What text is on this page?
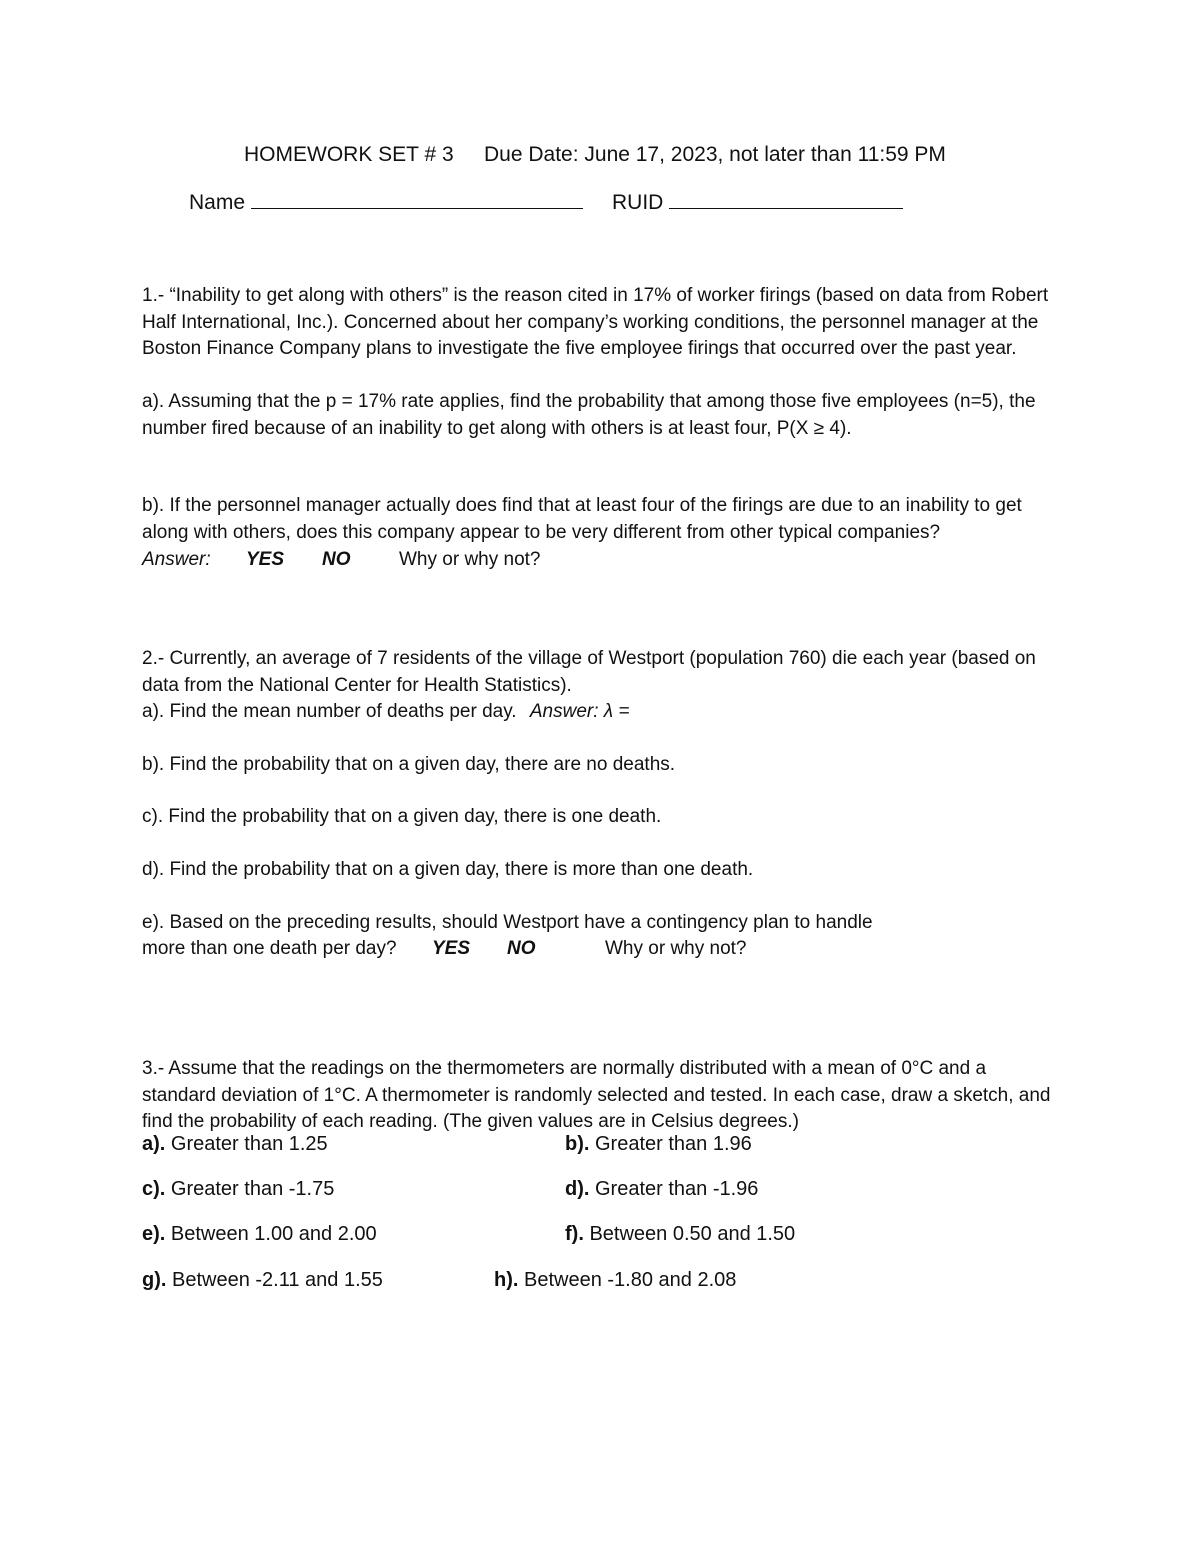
HOMEWORK SET # 3 Due Date: June 17, 2023, not later than 11:59 PM
Name	RUID
1.- “Inability to get along with others” is the reason cited in 17% of worker firings (based on data from Robert Half International, Inc.). Concerned about her company’s working conditions, the personnel manager at the Boston Finance Company plans to investigate the five employee firings that occurred over the past year.
a). Assuming that the p = 17% rate applies, find the probability that among those five employees (n=5), the number fired because of an inability to get along with others is at least four, P(X ≥ 4).
b). If the personnel manager actually does find that at least four of the firings are due to an inability to get along with others, does this company appear to be very different from other typical companies?
Answer: YES NO	Why or why not?
2.- Currently, an average of 7 residents of the village of Westport (population 760) die each year (based on data from the National Center for Health Statistics).
a). Find the mean number of deaths per day. Answer: λ =
b). Find the probability that on a given day, there are no deaths.
c). Find the probability that on a given day, there is one death.
d). Find the probability that on a given day, there is more than one death.
e). Based on the preceding results, should Westport have a contingency plan to handle
more than one death per day? YES NO	Why or why not?
3.- Assume that the readings on the thermometers are normally distributed with a mean of 0°C and a standard deviation of 1°C. A thermometer is randomly selected and tested. In each case, draw a sketch, and find the probability of each reading. (The given values are in Celsius degrees.)
a). Greater than 1.25	b). Greater than 1.96
c). Greater than -1.75	d). Greater than -1.96
e). Between 1.00 and 2.00	f). Between 0.50 and 1.50
g). Between -2.11 and 1.55	h). Between -1.80 and 2.08
